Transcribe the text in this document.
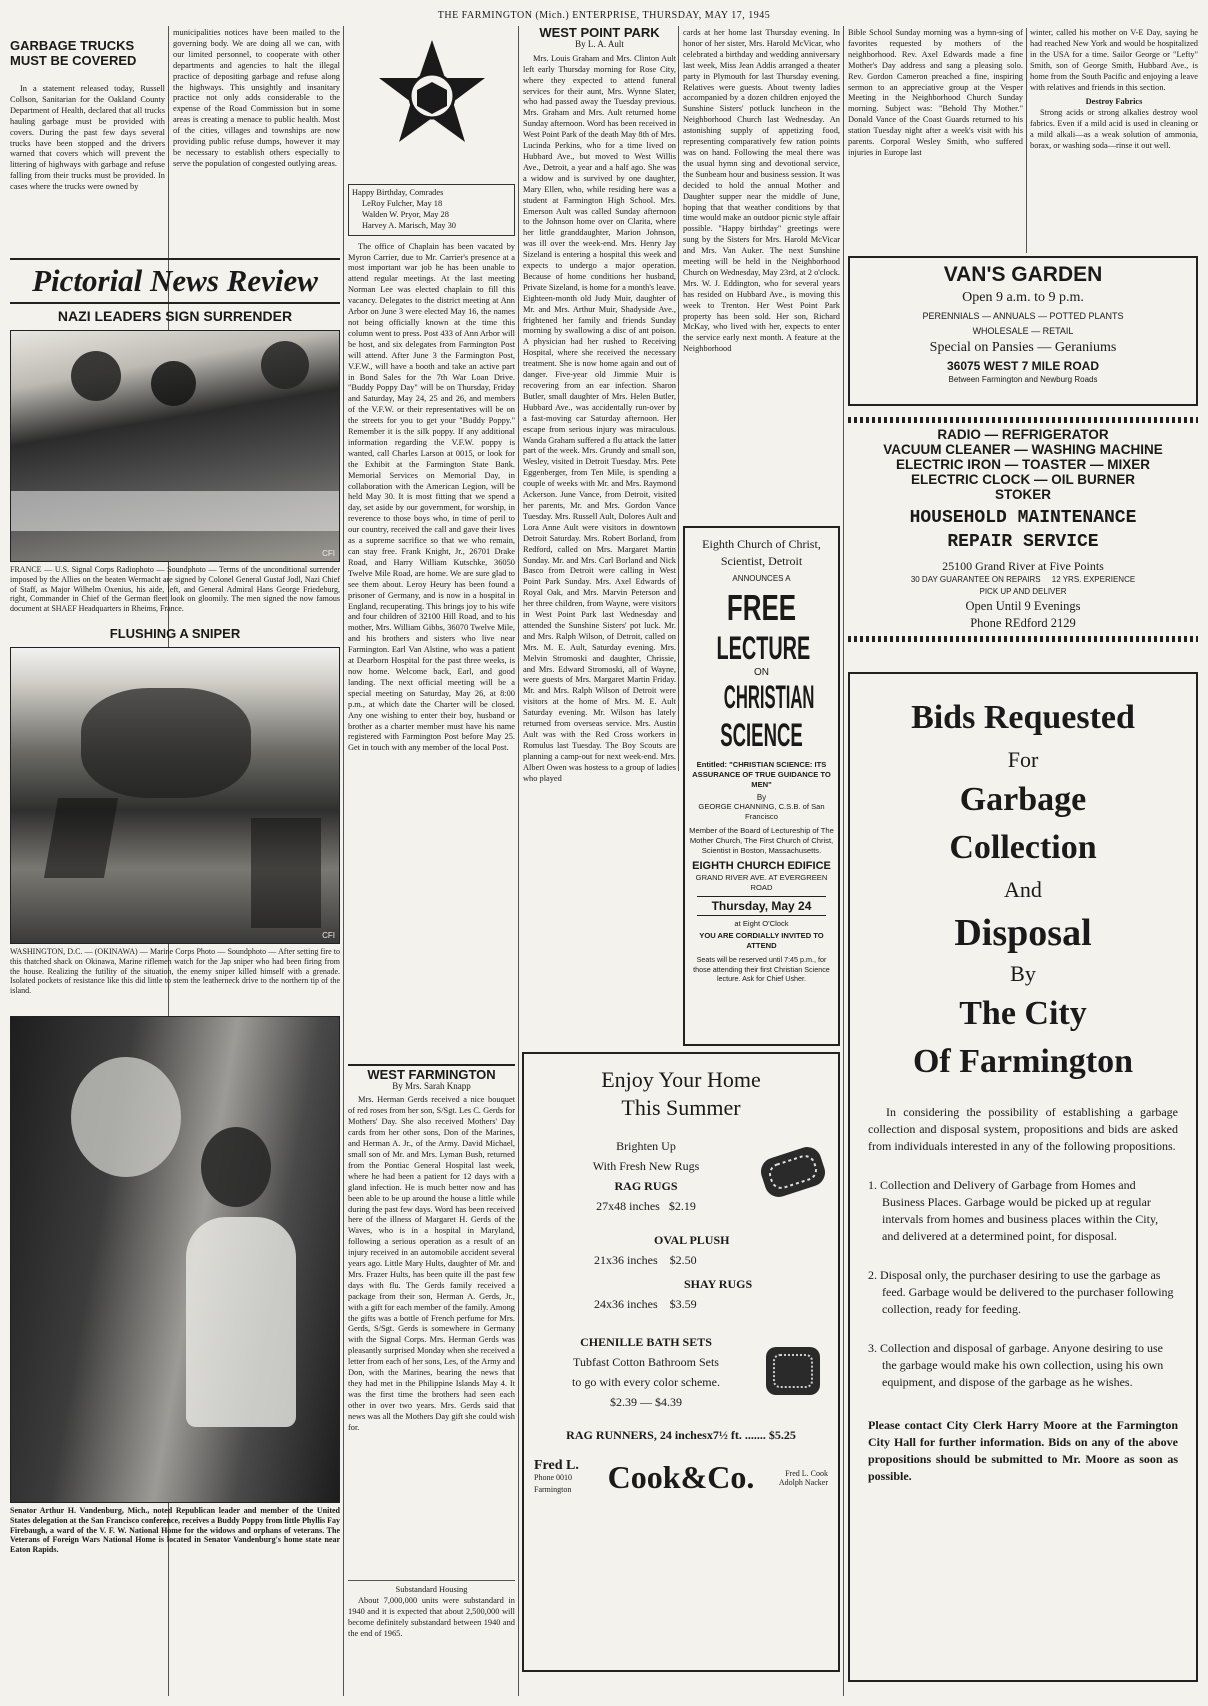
THE FARMINGTON (Mich.) ENTERPRISE, THURSDAY, MAY 17, 1945
GARBAGE TRUCKS MUST BE COVERED

In a statement released today, Russell Collson, Sanitarian for the Oakland County Department of Health, declared that all trucks hauling garbage must be provided with covers. During the past few days several trucks have been stopped and the drivers warned that covers which will prevent the littering of highways with garbage and refuse falling from their trucks must be provided. In cases where the trucks were owned by

municipalities notices have been mailed to the governing body. We are doing all we can, with our limited personnel, to cooperate with other departments and agencies to halt the illegal practice of depositing garbage and refuse along the highways. This unsightly and insanitary practice not only adds considerable to the expense of the Road Commission but in some areas is creating a menace to public health. Most of the cities, villages and townships are now providing public refuse dumps, however it may be necessary to establish others especially to serve the population of congested outlying areas.

Pictorial News Review
NAZI LEADERS SIGN SURRENDER
CFI
FRANCE — U.S. Signal Corps Radiophoto — Soundphoto — Terms of the unconditional surrender imposed by the Allies on the beaten Wermacht are signed by Colonel General Gustaf Jodl, Nazi Chief of Staff, as Major Wilhelm Oxenius, his aide, left, and General Admiral Hans George Friedeburg, right, Commander in Chief of the German fleet look on gloomily. The men signed the now famous document at SHAEF Headquarters in Rheims, France.
FLUSHING A SNIPER
CFI
WASHINGTON, D.C. — (OKINAWA) — Marine Corps Photo — Soundphoto — After setting fire to this thatched shack on Okinawa, Marine riflemen watch for the Jap sniper who had been firing from the house. Realizing the futility of the situation, the enemy sniper killed himself with a grenade. Isolated pockets of resistance like this did little to stem the leatherneck drive to the northern tip of the island.
Senator Arthur H. Vandenburg, Mich., noted Republican leader and member of the United States delegation at the San Francisco conference, receives a Buddy Poppy from little Phyllis Fay Firebaugh, a ward of the V. F. W. National Home for the widows and orphans of veterans. The Veterans of Foreign Wars National Home is located in Senator Vandenburg's home state near Eaton Rapids.
Happy Birthday, Comrades
LeRoy Fulcher, May 18
Walden W. Pryor, May 28
Harvey A. Marisch, May 30

The office of Chaplain has been vacated by Myron Carrier, due to Mr. Carrier's presence at a most important war job he has been unable to attend regular meetings. At the last meeting Norman Lee was elected chaplain to fill this vacancy. Delegates to the district meeting at Ann Arbor on June 3 were elected May 16, the names not being officially known at the time this column went to press. Post 433 of Ann Arbor will be host, and six delegates from Farmington Post will attend. After June 3 the Farmington Post, V.F.W., will have a booth and take an active part in Bond Sales for the 7th War Loan Drive. "Buddy Poppy Day" will be on Thursday, Friday and Saturday, May 24, 25 and 26, and members of the V.F.W. or their representatives will be on the streets for you to get your "Buddy Poppy." Remember it is the silk poppy. If any additional information regarding the V.F.W. poppy is wanted, call Charles Larson at 0015, or look for the Exhibit at the Farmington State Bank. Memorial Services on Memorial Day, in collaboration with the American Legion, will be held May 30. It is most fitting that we spend a day, set aside by our government, for worship, in reverence to those boys who, in time of peril to our country, received the call and gave their lives as a supreme sacrifice so that we who remain, can stay free. Frank Knight, Jr., 26701 Drake Road, and Harry William Kutschke, 36050 Twelve Mile Road, are home. We are sure glad to see them about. Leroy Heury has been found a prisoner of Germany, and is now in a hospital in England, recuperating. This brings joy to his wife and four children of 32100 Hill Road, and to his mother, Mrs. William Gibbs, 36070 Twelve Mile, and his brothers and sisters who live near Farmington. Earl Van Alstine, who was a patient at Dearborn Hospital for the past three weeks, is now home. Welcome back, Earl, and good landing. The next official meeting will be a special meeting on Saturday, May 26, at 8:00 p.m., at which date the Charter will be closed. Any one wishing to enter their boy, husband or brother as a charter member must have his name registered with Farmington Post before May 25. Get in touch with any member of the local Post.

WEST FARMINGTON
By Mrs. Sarah Knapp

Mrs. Herman Gerds received a nice bouquet of red roses from her son, S/Sgt. Les C. Gerds for Mothers' Day. She also received Mothers' Day cards from her other sons, Don of the Marines, and Herman A. Jr., of the Army. David Michael, small son of Mr. and Mrs. Lyman Bush, returned from the Pontiac General Hospital last week, where he had been a patient for 12 days with a gland infection. He is much better now and has been able to be up around the house a little while during the past few days. Word has been received here of the illness of Margaret H. Gerds of the Waves, who is in a hospital in Maryland, following a serious operation as a result of an injury received in an automobile accident several years ago. Little Mary Hults, daughter of Mr. and Mrs. Frazer Hults, has been quite ill the past few days with flu. The Gerds family received a package from their son, Herman A. Gerds, Jr., with a gift for each member of the family. Among the gifts was a bottle of French perfume for Mrs. Gerds, S/Sgt. Gerds is somewhere in Germany with the Signal Corps. Mrs. Herman Gerds was pleasantly surprised Monday when she received a letter from each of her sons, Les, of the Army and Don, with the Marines, bearing the news that they had met in the Philippine Islands May 4. It was the first time the brothers had seen each other in over two years. Mrs. Gerds said that news was all the Mothers Day gift she could wish for.

Substandard Housing

About 7,000,000 units were substandard in 1940 and it is expected that about 2,500,000 will become definitely substandard between 1940 and the end of 1965.

WEST POINT PARK
By L. A. Ault

Mrs. Louis Graham and Mrs. Clinton Ault left early Thursday morning for Rose City, where they expected to attend funeral services for their aunt, Mrs. Wynne Slater, who had passed away the Tuesday previous. Mrs. Graham and Mrs. Ault returned home Sunday afternoon. Word has been received in West Point Park of the death May 8th of Mrs. Lucinda Perkins, who for a time lived on Hubbard Ave., but moved to West Willis Ave., Detroit, a year and a half ago. She was a widow and is survived by one daughter, Mary Ellen, who, while residing here was a student at Farmington High School. Mrs. Emerson Ault was called Sunday afternoon to the Johnson home over on Clarita, where her little granddaughter, Marion Johnson, was ill over the week-end. Mrs. Henry Jay Sizeland is entering a hospital this week and expects to undergo a major operation. Because of home conditions her husband, Private Sizeland, is home for a month's leave. Eighteen-month old Judy Muir, daughter of Mr. and Mrs. Arthur Muir, Shadyside Ave., frightened her family and friends Sunday morning by swallowing a disc of ant poison. A physician had her rushed to Receiving Hospital, where she received the necessary treatment. She is now home again and out of danger. Five-year old Jimmie Muir is recovering from an ear infection. Sharon Butler, small daughter of Mrs. Helen Butler, Hubbard Ave., was accidentally run-over by a fast-moving car Saturday afternoon. Her escape from serious injury was miraculous. Wanda Graham suffered a flu attack the latter part of the week. Mrs. Grundy and small son, Wesley, visited in Detroit Tuesday. Mrs. Pete Eggenberger, from Ten Mile, is spending a couple of weeks with Mr. and Mrs. Raymond Ackerson. June Vance, from Detroit, visited her parents, Mr. and Mrs. Gordon Vance Tuesday. Mrs. Russell Ault, Dolores Ault and Lora Anne Ault were visitors in downtown Detroit Saturday. Mrs. Robert Borland, from Redford, called on Mrs. Margaret Martin Sunday. Mr. and Mrs. Carl Borland and Nick Basco from Detroit were calling in West Point Park Sunday. Mrs. Axel Edwards of Royal Oak, and Mrs. Marvin Peterson and her three children, from Wayne, were visitors in West Point Park last Wednesday and attended the Sunshine Sisters' pot luck. Mr. and Mrs. Ralph Wilson, of Detroit, called on Mrs. M. E. Ault, Saturday evening. Mrs. Melvin Stromoski and daughter, Chrissie, and Mrs. Edward Stromoski, all of Wayne, were guests of Mrs. Margaret Martin Friday. Mr. and Mrs. Ralph Wilson of Detroit were visitors at the home of Mrs. M. E. Ault Saturday evening. Mr. Wilson has lately returned from overseas service. Mrs. Austin Ault was with the Red Cross workers in Romulus last Tuesday. The Boy Scouts are planning a camp-out for next week-end. Mrs. Albert Owen was hostess to a group of ladies who played

cards at her home last Thursday evening. In honor of her sister, Mrs. Harold McVicar, who celebrated a birthday and wedding anniversary last week, Miss Jean Addis arranged a theater party in Plymouth for last Thursday evening. Relatives were guests. About twenty ladies accompanied by a dozen children enjoyed the Sunshine Sisters' potluck luncheon in the Neighborhood Church last Wednesday. An astonishing supply of appetizing food, representing comparatively few ration points was on hand. Following the meal there was the usual hymn sing and devotional service, the Sunbeam hour and business session. It was decided to hold the annual Mother and Daughter supper near the middle of June, hoping that that weather conditions by that time would make an outdoor picnic style affair possible. "Happy birthday" greetings were sung by the Sisters for Mrs. Harold McVicar and Mrs. Van Auker. The next Sunshine meeting will be held in the Neighborhood Church on Wednesday, May 23rd, at 2 o'clock. Mrs. W. J. Eddington, who for several years has resided on Hubbard Ave., is moving this week to Trenton. Her West Point Park property has been sold. Her son, Richard McKay, who lived with her, expects to enter the service early next month. A feature at the Neighborhood

Eighth Church of Christ, Scientist, Detroit
ANNOUNCES A
FREE
LECTURE
ON
CHRISTIAN
SCIENCE
Entitled: "CHRISTIAN SCIENCE: ITS ASSURANCE OF TRUE GUIDANCE TO MEN"
By
GEORGE CHANNING, C.S.B. of San Francisco
Member of the Board of Lectureship of The Mother Church, The First Church of Christ, Scientist in Boston, Massachusetts.
EIGHTH CHURCH EDIFICE
GRAND RIVER AVE. AT EVERGREEN ROAD
Thursday, May 24
at Eight O'Clock
YOU ARE CORDIALLY INVITED TO ATTEND
Seats will be reserved until 7:45 p.m., for those attending their first Christian Science lecture. Ask for Chief Usher.
Enjoy Your Home
This Summer
Brighten Up
With Fresh New Rugs
RAG RUGS
27x48 inches $2.19
OVAL PLUSH
21x36 inches $2.50
SHAY RUGS
24x36 inches $3.59
CHENILLE BATH SETS
Tubfast Cotton Bathroom Sets
to go with every color scheme.
$2.39 — $4.39
RAG RUNNERS, 24 inchesx7½ ft. ....... $5.25
Fred L.
Phone 0010 Farmington	Cook&Co.	Fred L. Cook Adolph Nacker

Bible School Sunday morning was a hymn-sing of favorites requested by mothers of the neighborhood. Rev. Axel Edwards made a fine Mother's Day address and sang a pleasing solo. Rev. Gordon Cameron preached a fine, inspiring sermon to an appreciative group at the Vesper Meeting in the Neighborhood Church Sunday morning. Subject was: "Behold Thy Mother." Donald Vance of the Coast Guards returned to his station Tuesday night after a week's visit with his parents. Corporal Wesley Smith, who suffered injuries in Europe last

winter, called his mother on V-E Day, saying he had reached New York and would be hospitalized in the USA for a time. Sailor George or "Lefty" Smith, son of George Smith, Hubbard Ave., is home from the South Pacific and enjoying a leave with relatives and friends in this section.

Destroy Fabrics

Strong acids or strong alkalies destroy wool fabrics. Even if a mild acid is used in cleaning or a mild alkali—as a weak solution of ammonia, borax, or washing soda—rinse it out well.

VAN'S GARDEN
Open 9 a.m. to 9 p.m.
PERENNIALS — ANNUALS — POTTED PLANTS
WHOLESALE — RETAIL
Special on Pansies — Geraniums
36075 WEST 7 MILE ROAD
Between Farmington and Newburg Roads
RADIO — REFRIGERATOR
VACUUM CLEANER — WASHING MACHINE
ELECTRIC IRON — TOASTER — MIXER
ELECTRIC CLOCK — OIL BURNER
STOKER
HOUSEHOLD MAINTENANCE
REPAIR SERVICE
25100 Grand River at Five Points
30 DAY GUARANTEE ON REPAIRS     12 YRS. EXPERIENCE
PICK UP AND DELIVER
Open Until 9 Evenings
Phone REdford 2129
Bids Requested
For
Garbage
Collection
And
Disposal
By
The City
Of Farmington
In considering the possibility of establishing a garbage collection and disposal system, propositions and bids are asked from individuals interested in any of the following propositions.
1. Collection and Delivery of Garbage from Homes and Business Places. Garbage would be picked up at regular intervals from homes and business places within the City, and delivered at a determined point, for disposal.
2. Disposal only, the purchaser desiring to use the garbage as feed. Garbage would be delivered to the purchaser following collection, ready for feeding.
3. Collection and disposal of garbage. Anyone desiring to use the garbage would make his own collection, using his own equipment, and dispose of the garbage as he wishes.
Please contact City Clerk Harry Moore at the Farmington City Hall for further information. Bids on any of the above propositions should be submitted to Mr. Moore as soon as possible.
